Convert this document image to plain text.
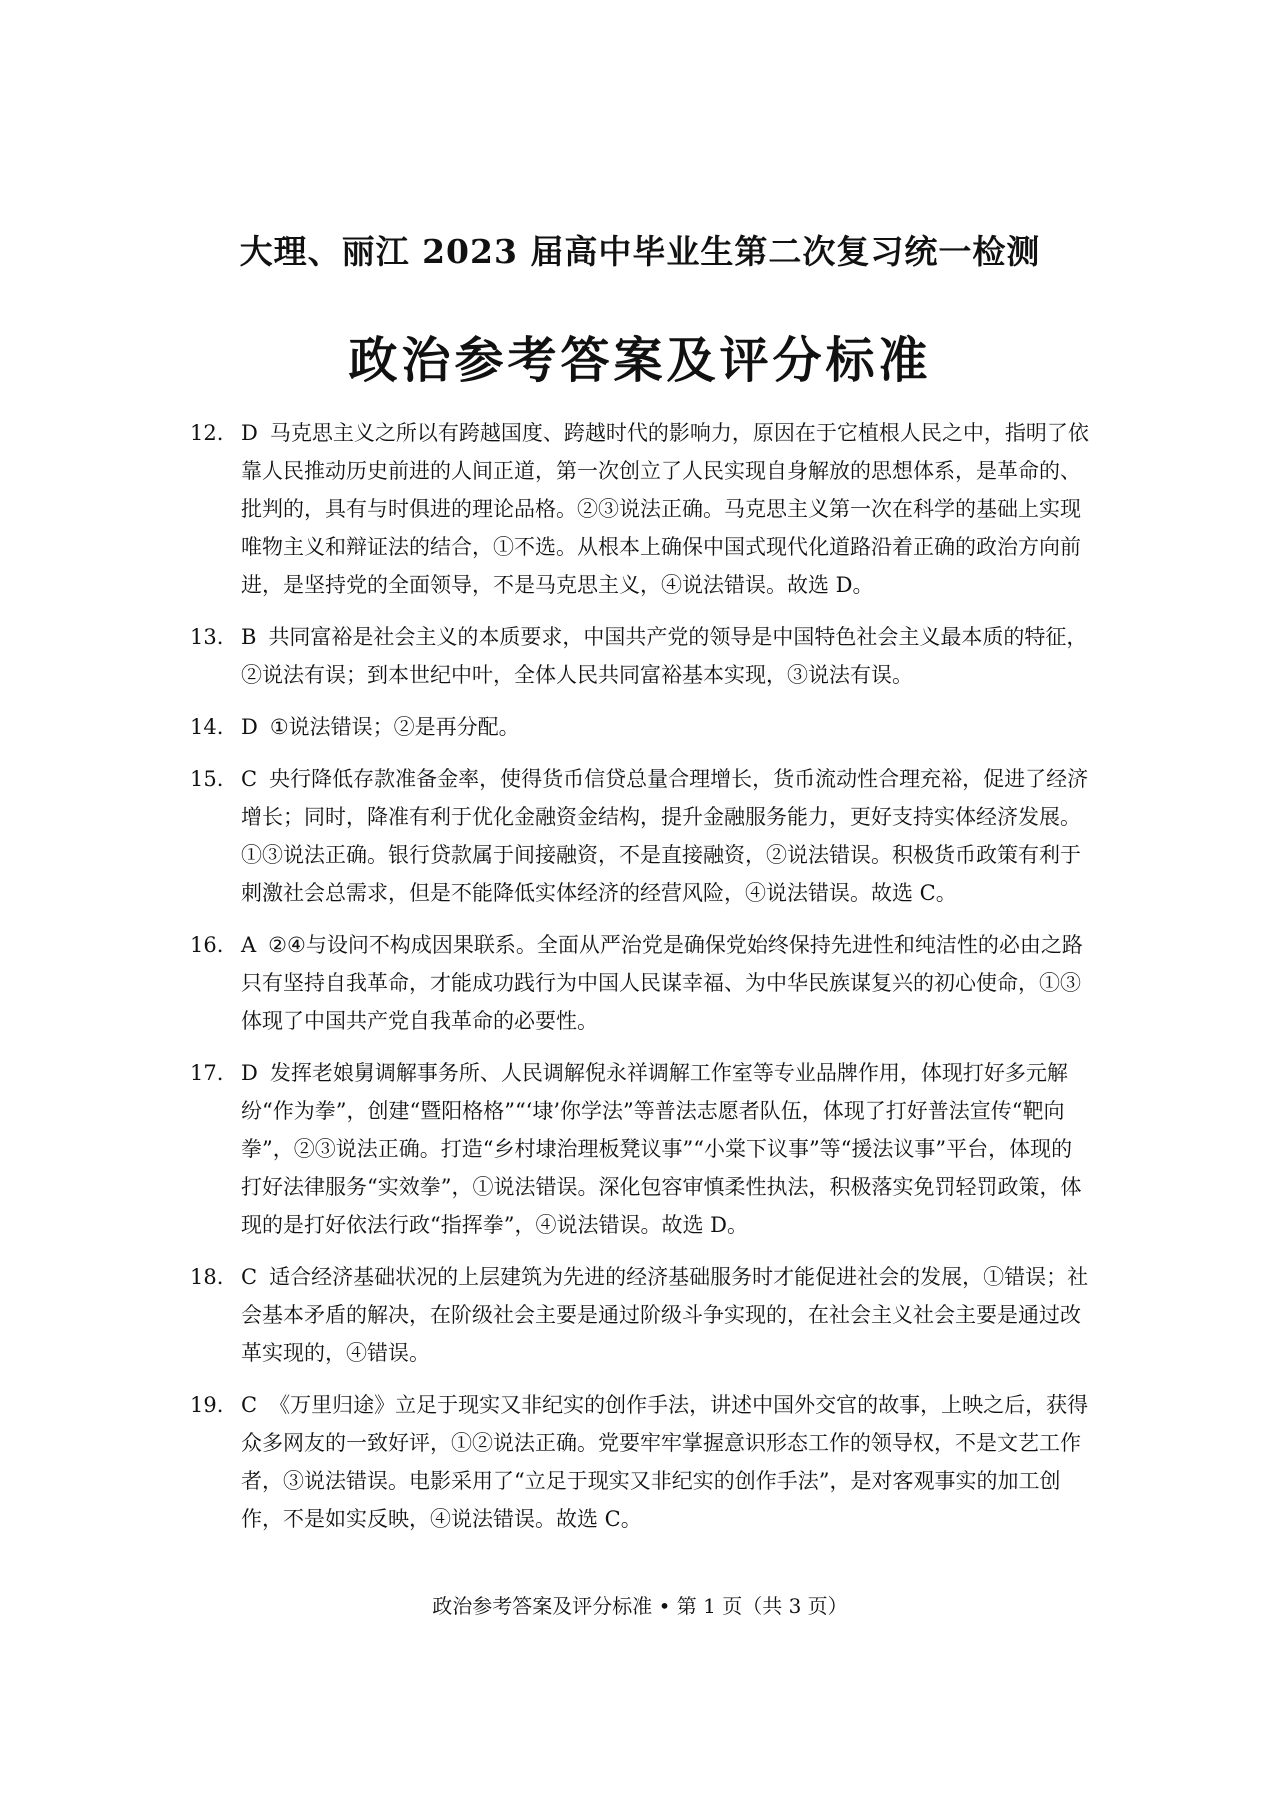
大理、丽江 2023 届高中毕业生第二次复习统一检测
政治参考答案及评分标准
12. D 马克思主义之所以有跨越国度、跨越时代的影响力，原因在于它植根人民之中，指明了依靠人民推动历史前进的人间正道，第一次创立了人民实现自身解放的思想体系，是革命的、批判的，具有与时俱进的理论品格。②③说法正确。马克思主义第一次在科学的基础上实现唯物主义和辩证法的结合，①不选。从根本上确保中国式现代化道路沿着正确的政治方向前进，是坚持党的全面领导，不是马克思主义，④说法错误。故选 D。
13. B 共同富裕是社会主义的本质要求，中国共产党的领导是中国特色社会主义最本质的特征，②说法有误；到本世纪中叶，全体人民共同富裕基本实现，③说法有误。
14. D ①说法错误；②是再分配。
15. C 央行降低存款准备金率，使得货币信贷总量合理增长，货币流动性合理充裕，促进了经济增长；同时，降准有利于优化金融资金结构，提升金融服务能力，更好支持实体经济发展。①③说法正确。银行贷款属于间接融资，不是直接融资，②说法错误。积极货币政策有利于刺激社会总需求，但是不能降低实体经济的经营风险，④说法错误。故选 C。
16. A ②④与设问不构成因果联系。全面从严治党是确保党始终保持先进性和纯洁性的必由之路只有坚持自我革命，才能成功践行为中国人民谋幸福、为中华民族谋复兴的初心使命，①③体现了中国共产党自我革命的必要性。
17. D 发挥老娘舅调解事务所、人民调解倪永祥调解工作室等专业品牌作用，体现打好多元解纷“作为拳”，创建“暨阳格格”“‘埭’你学法”等普法志愿者队伍，体现了打好普法宣传“靶向拳”，②③说法正确。打造“乡村埭治理板凳议事”“小棠下议事”等“援法议事”平台，体现的打好法律服务“实效拳”，①说法错误。深化包容审慎柔性执法，积极落实免罚轻罚政策，体现的是打好依法行政“指挥拳”，④说法错误。故选 D。
18. C 适合经济基础状况的上层建筑为先进的经济基础服务时才能促进社会的发展，①错误；社会基本矛盾的解决，在阶级社会主要是通过阶级斗争实现的，在社会主义社会主要是通过改革实现的，④错误。
19. C 《万里归途》立足于现实又非纪实的创作手法，讲述中国外交官的故事，上映之后，获得众多网友的一致好评，①②说法正确。党要牢牢掌握意识形态工作的领导权，不是文艺工作者，③说法错误。电影采用了“立足于现实又非纪实的创作手法”，是对客观事实的加工创作，不是如实反映，④说法错误。故选 C。
政治参考答案及评分标准 • 第 1 页（共 3 页）
